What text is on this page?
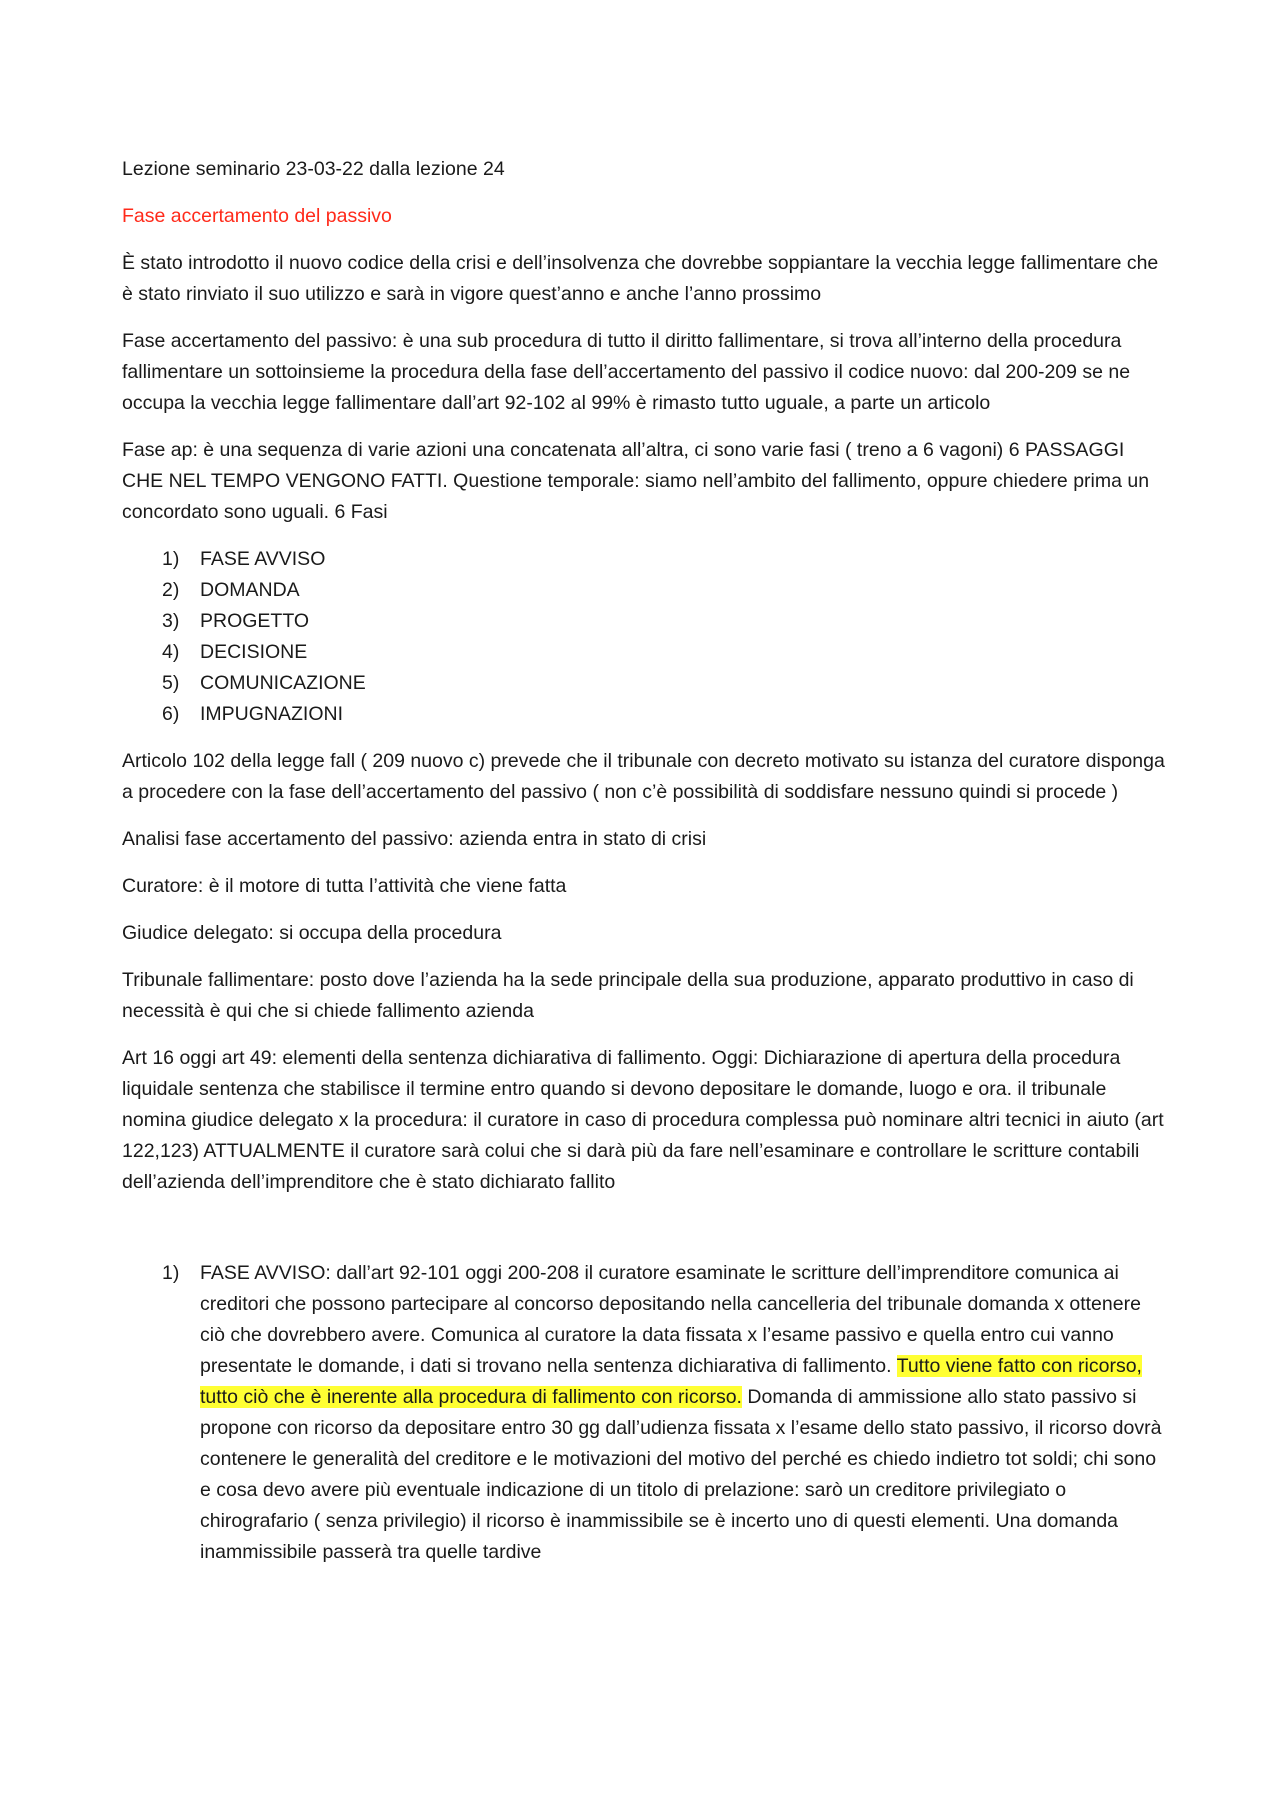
Lezione seminario 23-03-22 dalla lezione 24

Fase accertamento del passivo

È stato introdotto il nuovo codice della crisi e dell’insolvenza che dovrebbe soppiantare la vecchia legge fallimentare che è stato rinviato il suo utilizzo e sarà in vigore quest’anno e anche l’anno prossimo

Fase accertamento del passivo: è una sub procedura di tutto il diritto fallimentare, si trova all’interno della procedura fallimentare un sottoinsieme la procedura della fase dell’accertamento del passivo il codice nuovo: dal 200-209 se ne occupa la vecchia legge fallimentare dall’art 92-102 al 99% è rimasto tutto uguale, a parte un articolo

Fase ap: è una sequenza di varie azioni una concatenata all’altra, ci sono varie fasi ( treno a 6 vagoni) 6 PASSAGGI CHE NEL TEMPO VENGONO FATTI. Questione temporale: siamo nell’ambito del fallimento, oppure chiedere prima un concordato sono uguali. 6 Fasi

1) FASE AVVISO
2) DOMANDA
3) PROGETTO
4) DECISIONE
5) COMUNICAZIONE
6) IMPUGNAZIONI

Articolo 102 della legge fall ( 209 nuovo c) prevede che il tribunale con decreto motivato su istanza del curatore disponga a procedere con la fase dell’accertamento del passivo ( non c’è possibilità di soddisfare nessuno quindi si procede )

Analisi fase accertamento del passivo: azienda entra in stato di crisi

Curatore: è il motore di tutta l’attività che viene fatta

Giudice delegato: si occupa della procedura

Tribunale fallimentare: posto dove l’azienda ha la sede principale della sua produzione, apparato produttivo in caso di necessità è qui che si chiede fallimento azienda

Art 16 oggi art 49: elementi della sentenza dichiarativa di fallimento. Oggi: Dichiarazione di apertura della procedura liquidale sentenza che stabilisce il termine entro quando si devono depositare le domande, luogo e ora. il tribunale nomina giudice delegato x la procedura: il curatore in caso di procedura complessa può nominare altri tecnici in aiuto (art 122,123) ATTUALMENTE il curatore sarà colui che si darà più da fare nell’esaminare e controllare le scritture contabili dell’azienda dell’imprenditore che è stato dichiarato fallito

1) FASE AVVISO: dall’art 92-101 oggi 200-208 il curatore esaminate le scritture dell’imprenditore comunica ai creditori che possono partecipare al concorso depositando nella cancelleria del tribunale domanda x ottenere ciò che dovrebbero avere. Comunica al curatore la data fissata x l’esame passivo e quella entro cui vanno presentate le domande, i dati si trovano nella sentenza dichiarativa di fallimento. Tutto viene fatto con ricorso, tutto ciò che è inerente alla procedura di fallimento con ricorso. Domanda di ammissione allo stato passivo si propone con ricorso da depositare entro 30 gg dall’udienza fissata x l’esame dello stato passivo, il ricorso dovrà contenere le generalità del creditore e le motivazioni del motivo del perché es chiedo indietro tot soldi; chi sono e cosa devo avere più eventuale indicazione di un titolo di prelazione: sarò un creditore privilegiato o chirografario ( senza privilegio) il ricorso è inammissibile se è incerto uno di questi elementi. Una domanda inammissibile passerà tra quelle tardive
